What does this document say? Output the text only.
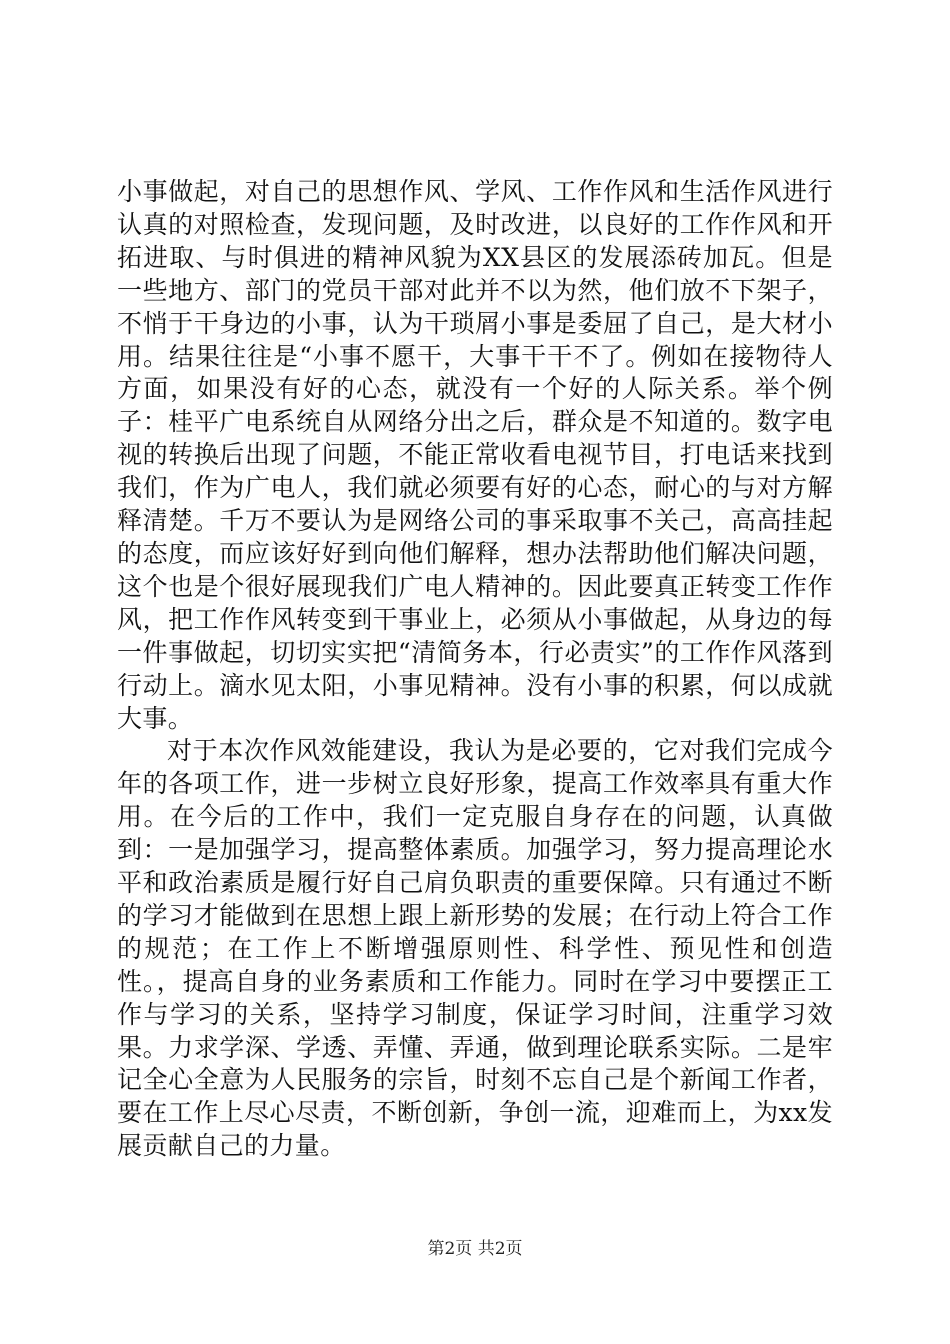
小事做起，对自己的思想作风、学风、工作作风和生活作风进行认真的对照检查，发现问题，及时改进，以良好的工作作风和开拓进取、与时俱进的精神风貌为XX县区的发展添砖加瓦。但是一些地方、部门的党员干部对此并不以为然，他们放不下架子，不悄于干身边的小事，认为干琐屑小事是委屈了自己，是大材小用。结果往往是“小事不愿干，大事干干不了。例如在接物待人方面，如果没有好的心态，就没有一个好的人际关系。举个例子：桂平广电系统自从网络分出之后，群众是不知道的。数字电视的转换后出现了问题，不能正常收看电视节目，打电话来找到我们，作为广电人，我们就必须要有好的心态，耐心的与对方解释清楚。千万不要认为是网络公司的事采取事不关己，高高挂起的态度，而应该好好到向他们解释，想办法帮助他们解决问题，这个也是个很好展现我们广电人精神的。因此要真正转变工作作风，把工作作风转变到干事业上，必须从小事做起，从身边的每一件事做起，切切实实把“清简务本，行必责实”的工作作风落到行动上。滴水见太阳，小事见精神。没有小事的积累，何以成就大事。

对于本次作风效能建设，我认为是必要的，它对我们完成今年的各项工作，进一步树立良好形象，提高工作效率具有重大作用。在今后的工作中，我们一定克服自身存在的问题，认真做到：一是加强学习，提高整体素质。加强学习，努力提高理论水平和政治素质是履行好自己肩负职责的重要保障。只有通过不断的学习才能做到在思想上跟上新形势的发展；在行动上符合工作的规范；在工作上不断增强原则性、科学性、预见性和创造性。，提高自身的业务素质和工作能力。同时在学习中要摆正工作与学习的关系，坚持学习制度，保证学习时间，注重学习效果。力求学深、学透、弄懂、弄通，做到理论联系实际。二是牢记全心全意为人民服务的宗旨，时刻不忘自己是个新闻工作者，要在工作上尽心尽责，不断创新，争创一流，迎难而上，为xx发展贡献自己的力量。

第2页 共2页
